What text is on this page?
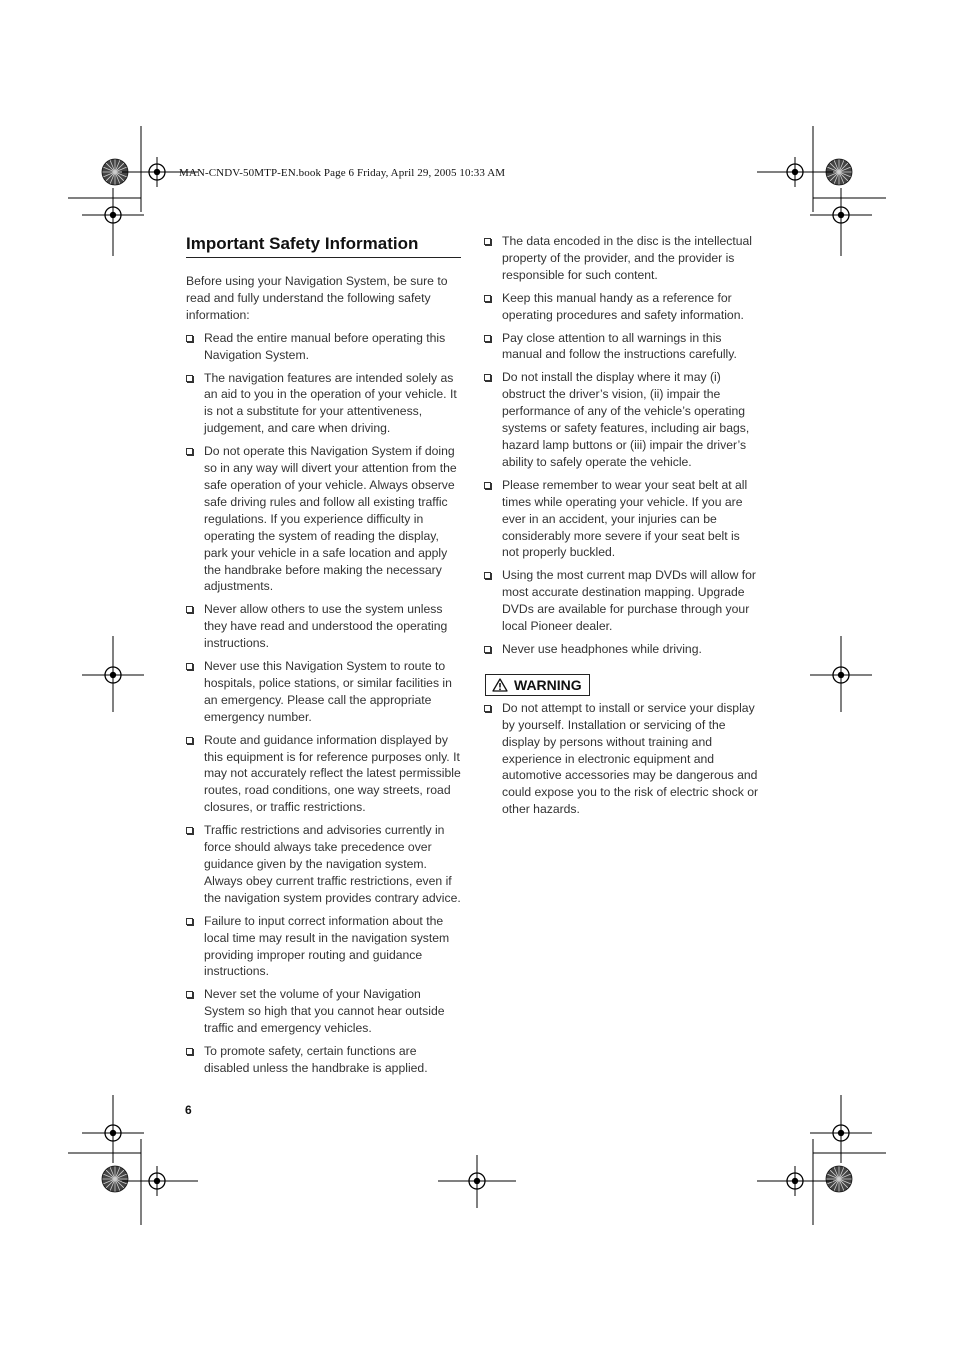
MAN-CNDV-50MTP-EN.book Page 6 Friday, April 29, 2005 10:33 AM
Important Safety Information

Before using your Navigation System, be sure to read and fully understand the following safety information:

Read the entire manual before operating this Navigation System.
The navigation features are intended solely as an aid to you in the operation of your vehicle. It is not a substitute for your attentiveness, judgement, and care when driving.
Do not operate this Navigation System if doing so in any way will divert your attention from the safe operation of your vehicle. Always observe safe driving rules and follow all existing traffic regulations. If you experience difficulty in operating the system of reading the display, park your vehicle in a safe location and apply the handbrake before making the necessary adjustments.
Never allow others to use the system unless they have read and understood the operating instructions.
Never use this Navigation System to route to hospitals, police stations, or similar facilities in an emergency. Please call the appropriate emergency number.
Route and guidance information displayed by this equipment is for reference purposes only. It may not accurately reflect the latest permissible routes, road conditions, one way streets, road closures, or traffic restrictions.
Traffic restrictions and advisories currently in force should always take precedence over guidance given by the navigation system. Always obey current traffic restrictions, even if the navigation system provides contrary advice.
Failure to input correct information about the local time may result in the navigation system providing improper routing and guidance instructions.
Never set the volume of your Navigation System so high that you cannot hear outside traffic and emergency vehicles.
To promote safety, certain functions are disabled unless the handbrake is applied.
The data encoded in the disc is the intellectual property of the provider, and the provider is responsible for such content.
Keep this manual handy as a reference for operating procedures and safety information.
Pay close attention to all warnings in this manual and follow the instructions carefully.
Do not install the display where it may (i) obstruct the driver’s vision, (ii) impair the performance of any of the vehicle’s operating systems or safety features, including air bags, hazard lamp buttons or (iii) impair the driver’s ability to safely operate the vehicle.
Please remember to wear your seat belt at all times while operating your vehicle. If you are ever in an accident, your injuries can be considerably more severe if your seat belt is not properly buckled.
Using the most current map DVDs will allow for most accurate destination mapping. Upgrade DVDs are available for purchase through your local Pioneer dealer.
Never use headphones while driving.
WARNING
Do not attempt to install or service your display by yourself. Installation or servicing of the display by persons without training and experience in electronic equipment and automotive accessories may be dangerous and could expose you to the risk of electric shock or other hazards.
6
